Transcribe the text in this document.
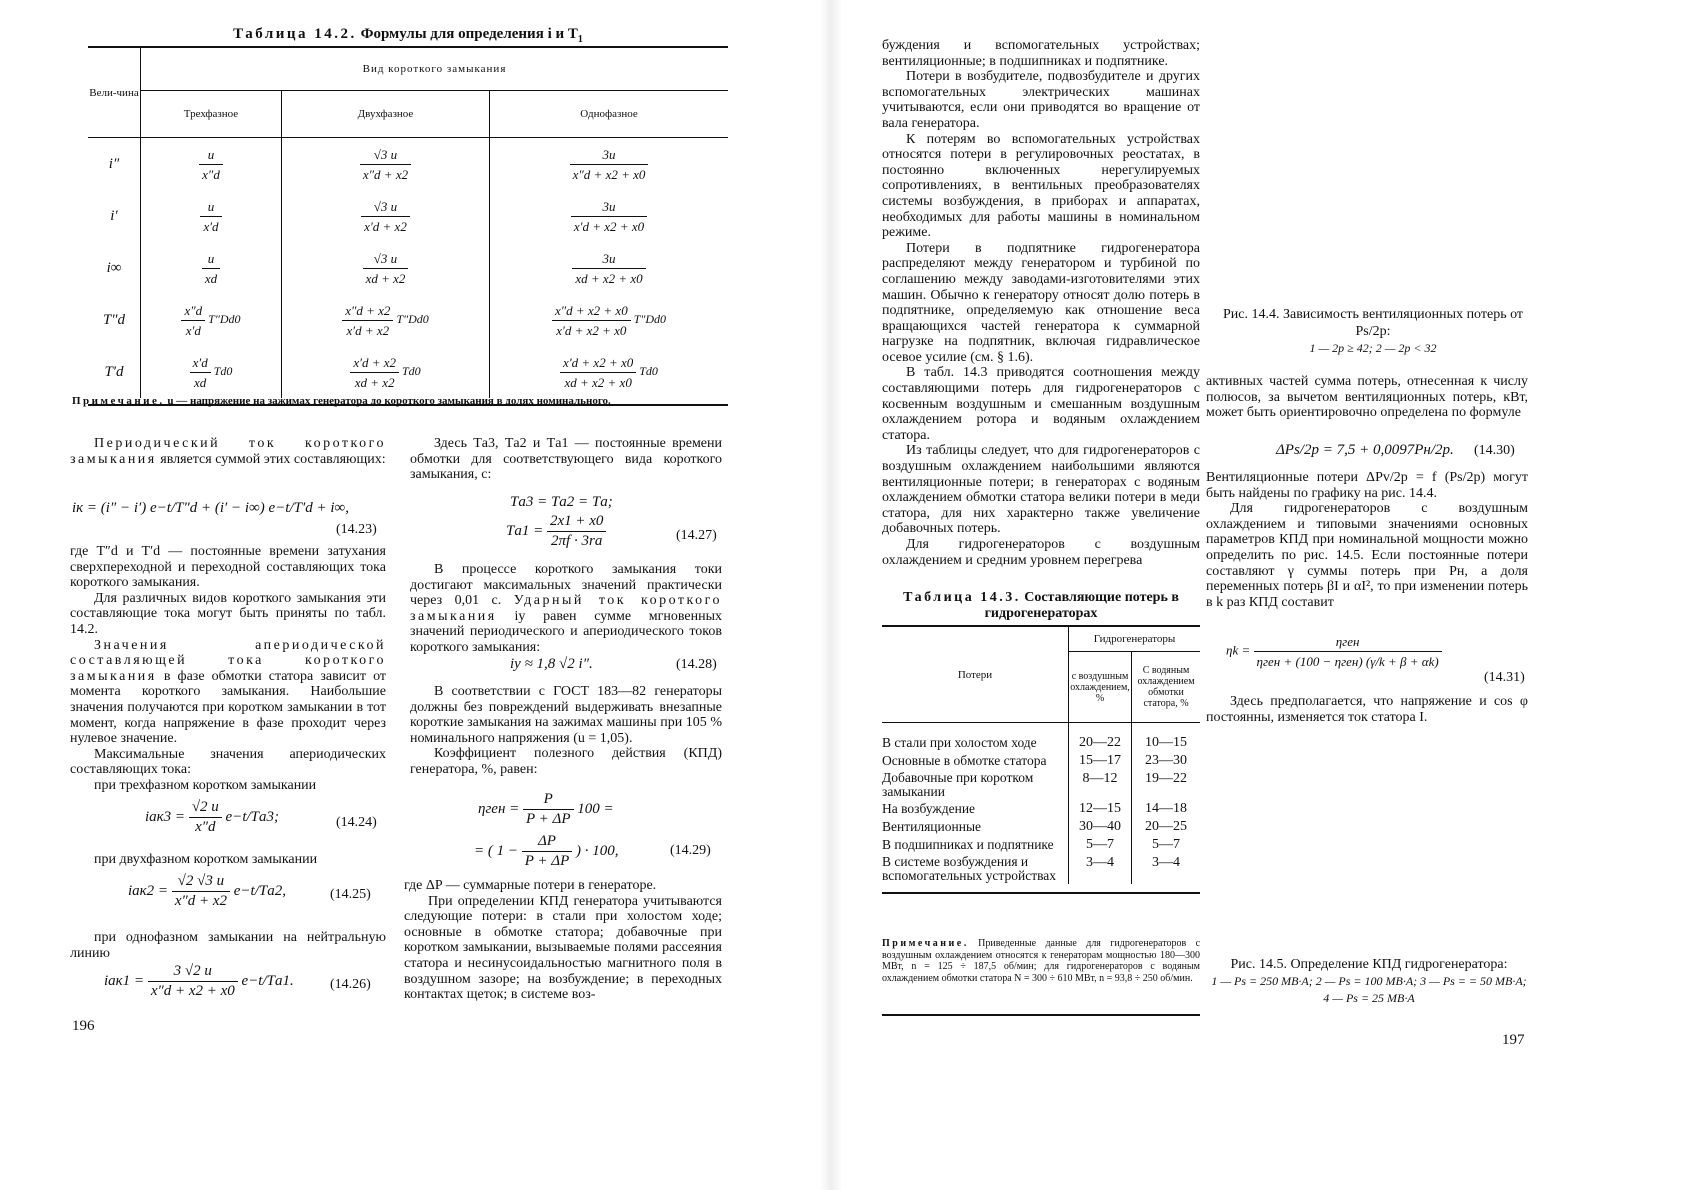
Таблица 14.2. Формулы для определения i и $T_1$
Вели-чина	Вид короткого замыкания		
	Трехфазное	Двухфазное	Однофазное
i″	$\frac{u}{x''d}$	$\frac{√3 u}{x''d + x2}$	$\frac{3u}{x''d + x2 + x0}$

i′	$\frac{u}{x'd}$	$\frac{√3 u}{x'd + x2}$	$\frac{3u}{x'd + x2 + x0}$

i∞	$\frac{u}{xd}$	$\frac{√3 u}{xd + x2}$	$\frac{3u}{xd + x2 + x0}$

T″d	$\frac{x''d}{x'd} T''Dd0$	$\frac{x''d + x2}{x'd + x2} T''Dd0$	$\frac{x''d + x2 + x0}{x'd + x2 + x0} T''Dd0$
T′d	$\frac{x'd}{xd} Td0$	$\frac{x'd + x2}{xd + x2} Td0$	$\frac{x'd + x2 + x0}{xd + x2 + x0} Td0$

Примечание. u — напряжение на зажимах генератора до короткого замыкания в долях номинального.

Периодический ток короткого замыкания является суммой этих составляющих:

iк = (i″ − i′) e−t/T″d + (i′ − i∞) e−t/T′d + i∞,
(14.23)

где T″d и T′d — постоянные времени затухания сверхпереходной и переходной составляющих тока короткого замыкания.

Для различных видов короткого замыкания эти составляющие тока могут быть приняты по табл. 14.2.

Значения апериодической составляющей тока короткого замыкания в фазе обмотки статора зависит от момента короткого замыкания. Наибольшие значения получаются при коротком замыкании в тот момент, когда напряжение в фазе проходит через нулевое значение.

Максимальные значения апериодических составляющих тока:

при трехфазном коротком замыкании

$iак3 = \frac{√2 u}{x''d} e-t/Tа3$;	(14.24)
при двухфазном коротком замыкании
$iак2 = \frac{√2 √3 u}{x''d + x2} e-t/Tа2$,	(14.25)

при однофазном замыкании на нейтральную линию

$iак1 = \frac{3 √2 u}{x''d + x2 + x0} e-t/Tа1$.	(14.26)

Здесь Tа3, Tа2 и Tа1 — постоянные времени обмотки для соответствующего вида короткого замыкания, с:

Tа3 = Tа2 = Tа;
$Tа1 = \frac{2x1 + x0}{2\pi f \cdot 3rа}$	(14.27)

В процессе короткого замыкания токи достигают максимальных значений практически через 0,01 с. Ударный ток короткого замыкания iу равен сумме мгновенных значений периодического и апериодического токов короткого замыкания:

iу ≈ 1,8 √2 i″.	(14.28)

В соответствии с ГОСТ 183—82 генераторы должны без повреждений выдерживать внезапные короткие замыкания на зажимах машины при 105 % номинального напряжения (u = 1,05).

Коэффициент полезного действия (КПД) генератора, %, равен:

$\eta ген = \frac{P}{P + \Delta P} 100$ =
= ( $1 - \frac{\Delta P}{P + \Delta P}$ ) · 100,	(14.29)

где ΔP — суммарные потери в генераторе.

При определении КПД генератора учитываются следующие потери: в стали при холостом ходе; основные в обмотке статора; добавочные при коротком замыкании, вызываемые полями рассеяния статора и несинусоидальностью магнитного поля в воздушном зазоре; на возбуждение; в переходных контактах щеток; в системе воз-

196

буждения и вспомогательных устройствах; вентиляционные; в подшипниках и подпятнике.

Потери в возбудителе, подвозбудителе и других вспомогательных электрических машинах учитываются, если они приводятся во вращение от вала генератора.

К потерям во вспомогательных устройствах относятся потери в регулировочных реостатах, в постоянно включенных нерегулируемых сопротивлениях, в вентильных преобразователях системы возбуждения, в приборах и аппаратах, необходимых для работы машины в номинальном режиме.

Потери в подпятнике гидрогенератора распределяют между генератором и турбиной по соглашению между заводами-изготовителями этих машин. Обычно к генератору относят долю потерь в подпятнике, определяемую как отношение веса вращающихся частей генератора к суммарной нагрузке на подпятник, включая гидравлическое осевое усилие (см. § 1.6).

В табл. 14.3 приводятся соотношения между составляющими потерь для гидрогенераторов с косвенным воздушным и смешанным воздушным охлаждением ротора и водяным охлаждением статора.

Из таблицы следует, что для гидрогенераторов с воздушным охлаждением наибольшими являются вентиляционные потери; в генераторах с водяным охлаждением обмотки статора велики потери в меди статора, для них характерно также увеличение добавочных потерь.

Для гидрогенераторов с воздушным охлаждением и средним уровнем перегрева

Таблица 14.3. Составляющие потерь в гидрогенераторах
Потери	Гидрогенераторы	
	с воздушным охлаждением, %	С водяным охлаждением обмотки статора, %
В стали при холостом ходе	20—22	10—15
Основные в обмотке статора	15—17	23—30
Добавочные при коротком замыкании	8—12	19—22
На возбуждение	12—15	14—18
Вентиляционные	30—40	20—25
В подшипниках и подпятнике	5—7	5—7
В системе возбуждения и вспомогательных устройствах	3—4	3—4

Примечание. Приведенные данные для гидрогенераторов с воздушным охлаждением относятся к генераторам мощностью 180—300 МВт, n = 125 ÷ 187,5 об/мин; для гидрогенераторов с водяным охлаждением обмотки статора N = 300 ÷ 610 МВт, n = 93,8 ÷ 250 об/мин.
Рис. 14.4. Зависимость вентиляционных потерь от Ps/2p:
1 — 2p ≥ 42; 2 — 2p < 32

активных частей сумма потерь, отнесенная к числу полюсов, за вычетом вентиляционных потерь, кВт, может быть ориентировочно определена по формуле

ΔPs/2p = 7,5 + 0,0097Pн/2p. (14.30)

Вентиляционные потери ΔPv/2p = f (Ps/2p) могут быть найдены по графику на рис. 14.4.

Для гидрогенераторов с воздушным охлаждением и типовыми значениями основных параметров КПД при номинальной мощности можно определить по рис. 14.5. Если постоянные потери составляют γ суммы потерь при Pн, а доля переменных потерь βI и αI², то при изменении потерь в k раз КПД составит

$\eta k = \frac{\text{ηген}}{\text{ηген + (100 − ηген) (γ/k + β + αk)}}$
(14.31)

Здесь предполагается, что напряжение и cos φ постоянны, изменяется ток статора I.

Рис. 14.5. Определение КПД гидрогенератора:
1 — Ps = 250 МВ·А; 2 — Ps = 100 МВ·А; 3 — Ps = = 50 МВ·А; 4 — Ps = 25 МВ·А
197
